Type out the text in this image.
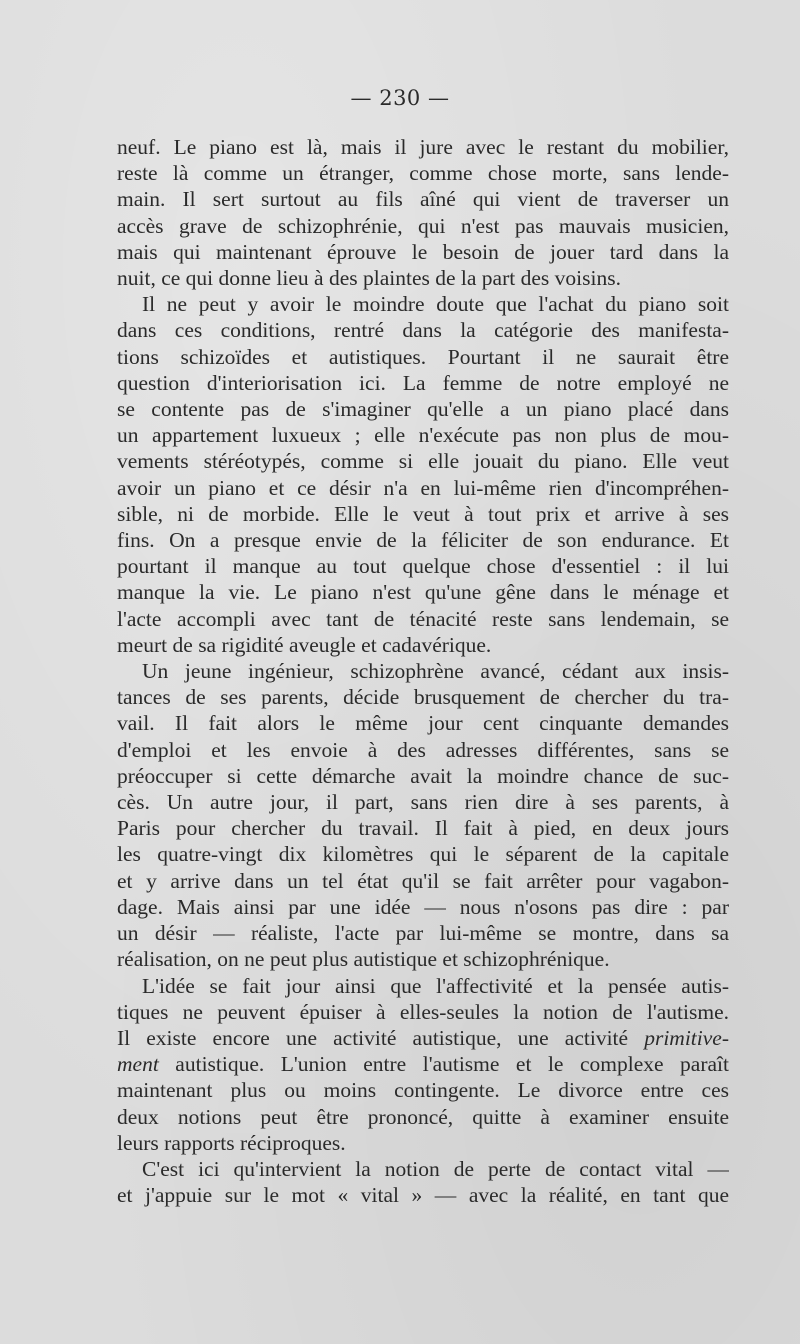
— 230 —
neuf. Le piano est là, mais il jure avec le restant du mobilier,
reste là comme un étranger, comme chose morte, sans lende-
main. Il sert surtout au fils aîné qui vient de traverser un
accès grave de schizophrénie, qui n'est pas mauvais musicien,
mais qui maintenant éprouve le besoin de jouer tard dans la
nuit, ce qui donne lieu à des plaintes de la part des voisins.
Il ne peut y avoir le moindre doute que l'achat du piano soit
dans ces conditions, rentré dans la catégorie des manifesta-
tions schizoïdes et autistiques. Pourtant il ne saurait être
question d'interiorisation ici. La femme de notre employé ne
se contente pas de s'imaginer qu'elle a un piano placé dans
un appartement luxueux ; elle n'exécute pas non plus de mou-
vements stéréotypés, comme si elle jouait du piano. Elle veut
avoir un piano et ce désir n'a en lui-même rien d'incompréhen-
sible, ni de morbide. Elle le veut à tout prix et arrive à ses
fins. On a presque envie de la féliciter de son endurance. Et
pourtant il manque au tout quelque chose d'essentiel : il lui
manque la vie. Le piano n'est qu'une gêne dans le ménage et
l'acte accompli avec tant de ténacité reste sans lendemain, se
meurt de sa rigidité aveugle et cadavérique.
Un jeune ingénieur, schizophrène avancé, cédant aux insis-
tances de ses parents, décide brusquement de chercher du tra-
vail. Il fait alors le même jour cent cinquante demandes
d'emploi et les envoie à des adresses différentes, sans se
préoccuper si cette démarche avait la moindre chance de suc-
cès. Un autre jour, il part, sans rien dire à ses parents, à
Paris pour chercher du travail. Il fait à pied, en deux jours
les quatre-vingt dix kilomètres qui le séparent de la capitale
et y arrive dans un tel état qu'il se fait arrêter pour vagabon-
dage. Mais ainsi par une idée — nous n'osons pas dire : par
un désir — réaliste, l'acte par lui-même se montre, dans sa
réalisation, on ne peut plus autistique et schizophrénique.
L'idée se fait jour ainsi que l'affectivité et la pensée autis-
tiques ne peuvent épuiser à elles-seules la notion de l'autisme.
Il existe encore une activité autistique, une activité primitive-
ment autistique. L'union entre l'autisme et le complexe paraît
maintenant plus ou moins contingente. Le divorce entre ces
deux notions peut être prononcé, quitte à examiner ensuite
leurs rapports réciproques.
C'est ici qu'intervient la notion de perte de contact vital —
et j'appuie sur le mot « vital » — avec la réalité, en tant que
